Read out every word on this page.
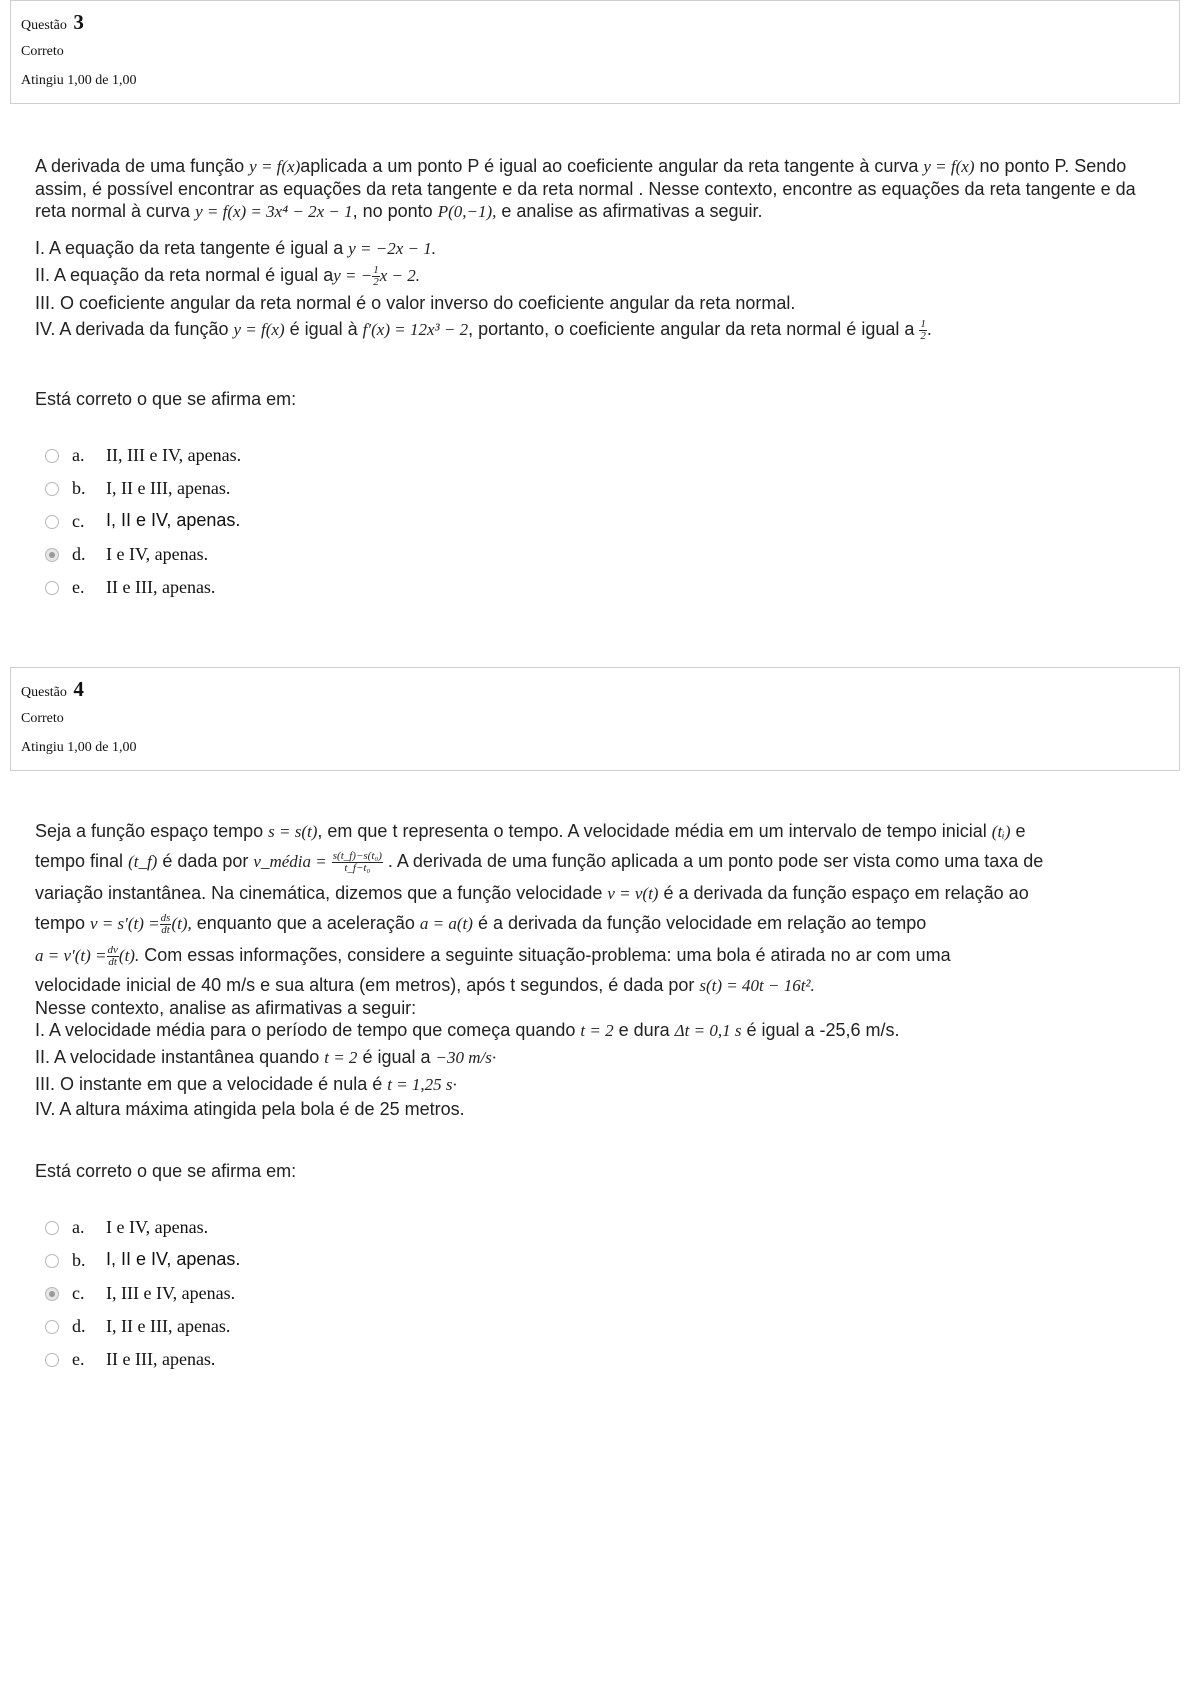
Questão 3
Correto
Atingiu 1,00 de 1,00

A derivada de uma função y = f(x)aplicada a um ponto P é igual ao coeficiente angular da reta tangente à curva y = f(x) no ponto P. Sendo assim, é possível encontrar as equações da reta tangente e da reta normal . Nesse contexto, encontre as equações da reta tangente e da reta normal à curva y = f(x) = 3x⁴ − 2x − 1, no ponto P(0,−1), e analise as afirmativas a seguir.

I. A equação da reta tangente é igual a y = −2x − 1.

II. A equação da reta normal é igual ay = − $\frac{1}{2}$ x − 2.

III. O coeficiente angular da reta normal é o valor inverso do coeficiente angular da reta normal.

IV. A derivada da função y = f(x) é igual à f′(x) = 12x³ − 2, portanto, o coeficiente angular da reta normal é igual a $\frac{1}{2}$ .

Está correto o que se afirma em:
a. II, III e IV, apenas.
b. I, II e III, apenas.
c. I, II e IV, apenas.
d. I e IV, apenas.
e. II e III, apenas.
Questão 4
Correto
Atingiu 1,00 de 1,00

Seja a função espaço tempo s = s(t), em que t representa o tempo. A velocidade média em um intervalo de tempo inicial (tᵢ) e

tempo final (t_f) é dada por v_média = $\frac{\text{s(t\_f)−s(t₀)}}{\text{t\_f−t₀}}$ . A derivada de uma função aplicada a um ponto pode ser vista como uma taxa de

variação instantânea. Na cinemática, dizemos que a função velocidade v = v(t) é a derivada da função espaço em relação ao

tempo $v = s'(t) = \frac{ds}{dt} (t)$, enquanto que a aceleração a = a(t) é a derivada da função velocidade em relação ao tempo

$a = v'(t) = \frac{dv}{dt} (t)$. Com essas informações, considere a seguinte situação-problema: uma bola é atirada no ar com uma

velocidade inicial de 40 m/s e sua altura (em metros), após t segundos, é dada por s(t) = 40t − 16t².

Nesse contexto, analise as afirmativas a seguir:

I. A velocidade média para o período de tempo que começa quando t = 2 e dura Δt = 0,1 s é igual a -25,6 m/s.

II. A velocidade instantânea quando t = 2 é igual a −30 m/s·

III. O instante em que a velocidade é nula é t = 1,25 s·

IV. A altura máxima atingida pela bola é de 25 metros.

Está correto o que se afirma em:
a. I e IV, apenas.
b. I, II e IV, apenas.
c. I, III e IV, apenas.
d. I, II e III, apenas.
e. II e III, apenas.
